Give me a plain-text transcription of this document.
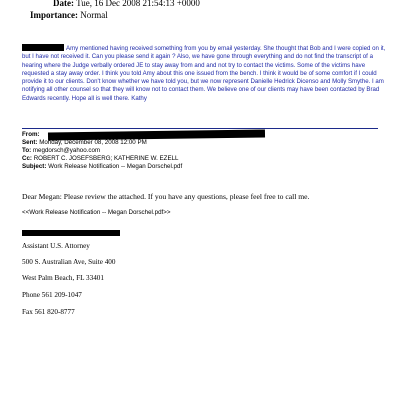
Date: Tue, 16 Dec 2008 21:54:13 +0000
Importance: Normal

Amy mentioned having received something from you by email yesterday. She thought that Bob and I were copied on it, but I have not received it. Can you please send it again ? Also, we have gone through everything and do not find the transcript of a hearing where the Judge verbally ordered JE to stay away from and and not try to contact the victims. Some of the victims have requested a stay away order. I think you told Amy about this one issued from the bench. I think it would be of some comfort if I could provide it to our clients. Don't know whether we have told you, but we now represent Danielle Hedrick Dicenso and Molly Smythe. I am notifying all other counsel so that they will know not to contact them. We believe one of our clients may have been contacted by Brad Edwards recently. Hope all is well there. Kathy

From:
Sent: Monday, December 08, 2008 12:00 PM
To: megdorsch@yahoo.com
Cc: ROBERT C. JOSEFSBERG; KATHERINE W. EZELL
Subject: Work Release Notification -- Megan Dorschel.pdf
Dear Megan: Please review the attached. If you have any questions, please feel free to call me.
<<Work Release Notification -- Megan Dorschel.pdf>>
Assistant U.S. Attorney
500 S. Australian Ave, Suite 400
West Palm Beach, FL 33401
Phone 561 209-1047
Fax 561 820-8777
